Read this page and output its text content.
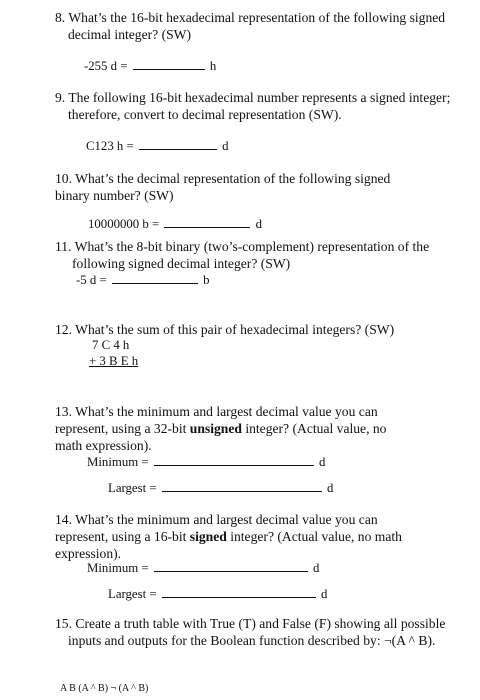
8. What’s the 16-bit hexadecimal representation of the following signed decimal integer? (SW)
-255 d =	h
9. The following 16-bit hexadecimal number represents a signed integer; therefore, convert to decimal representation (SW).
C123 h =	d
10. What’s the decimal representation of the following signed binary number? (SW)
10000000 b =	d
11. What’s the 8-bit binary (two’s-complement) representation of the following signed decimal integer? (SW)
-5 d =	b
12. What’s the sum of this pair of hexadecimal integers? (SW)
7 C 4 h
+ 3 B E h
13. What’s the minimum and largest decimal value you can represent, using a 32-bit unsigned integer? (Actual value, no math expression).
Minimum =	d
Largest =	d
14. What’s the minimum and largest decimal value you can represent, using a 16-bit signed integer? (Actual value, no math expression).
Minimum =	d
Largest =	d
15. Create a truth table with True (T) and False (F) showing all possible inputs and outputs for the Boolean function described by: ¬(A ^ B).
A B (A ^ B) ¬ (A ^ B)
